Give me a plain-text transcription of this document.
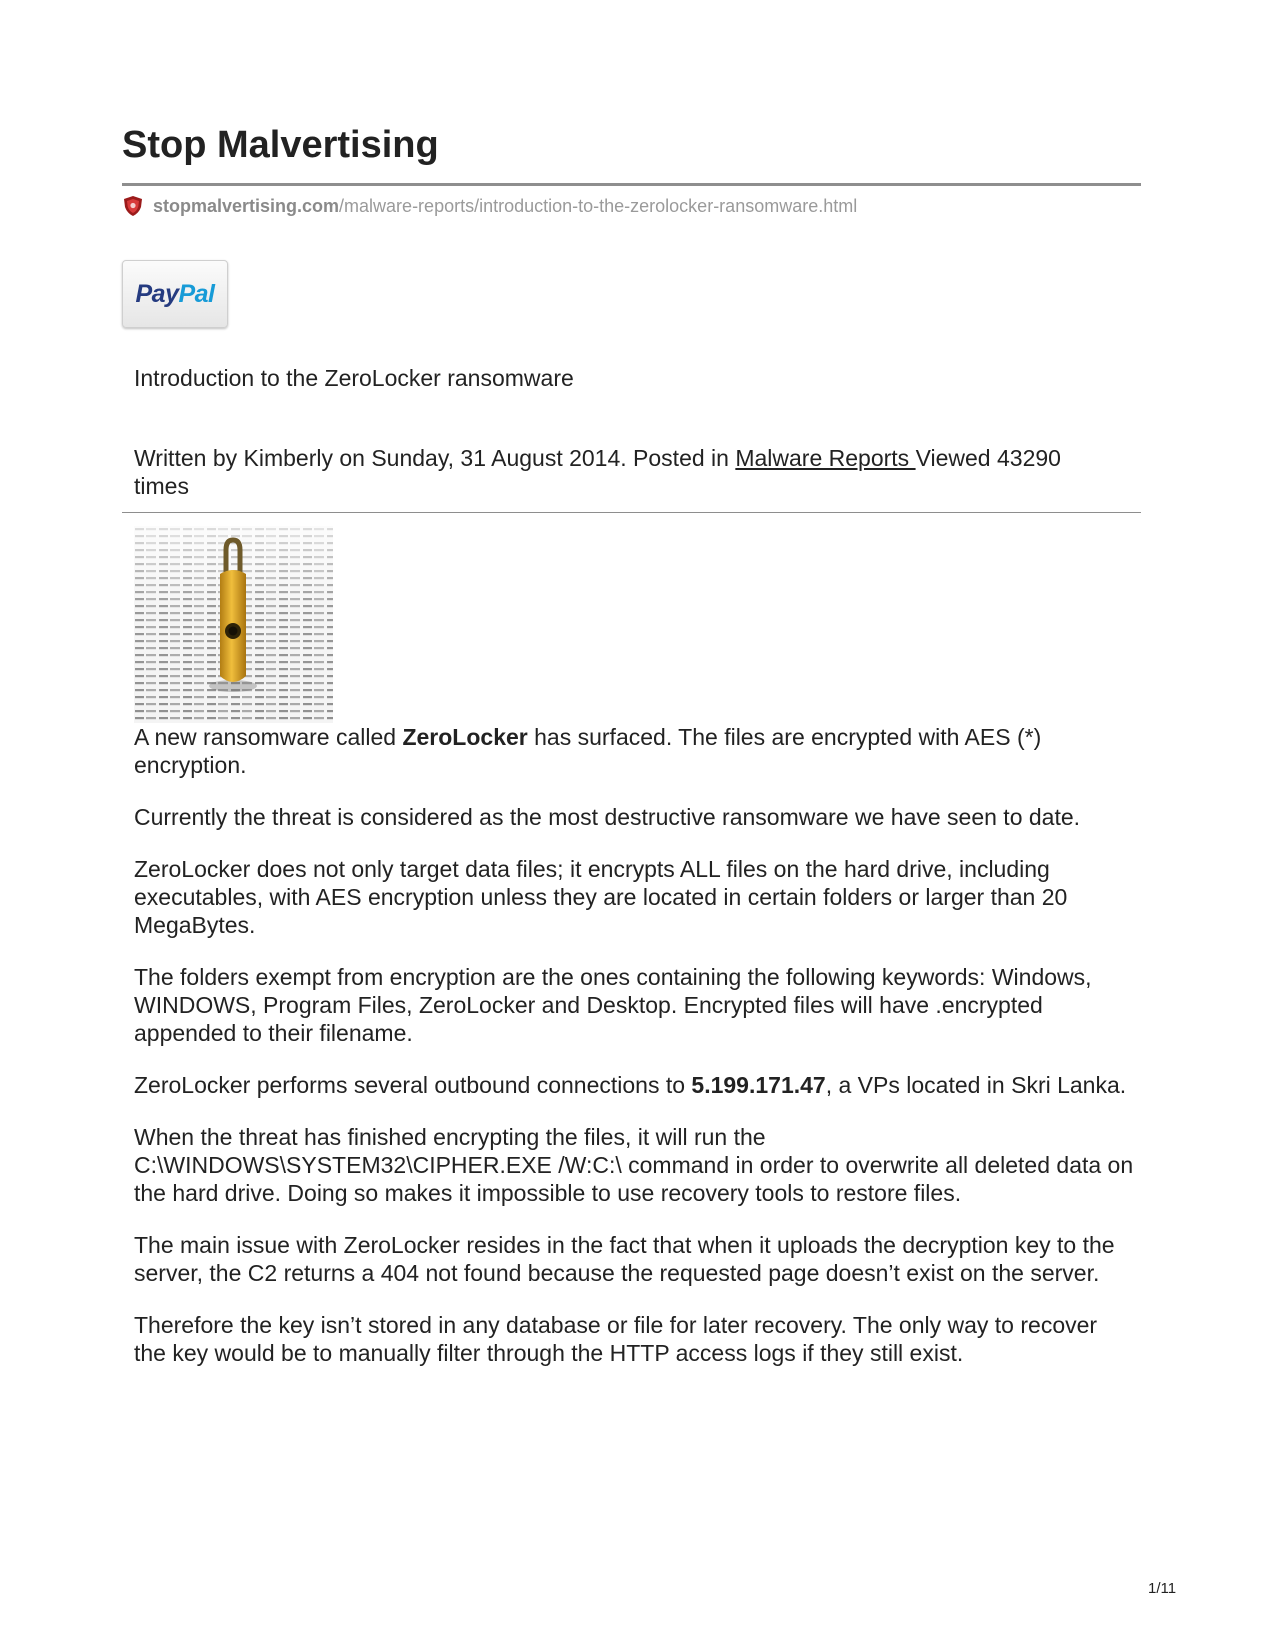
Stop Malvertising
stopmalvertising.com /malware-reports/introduction-to-the-zerolocker-ransomware.html
Pay Pal
Introduction to the ZeroLocker ransomware
Written by Kimberly on Sunday, 31 August 2014. Posted in Malware Reports Viewed 43290 times

A new ransomware called ZeroLocker has surfaced. The files are encrypted with AES (*) encryption.

Currently the threat is considered as the most destructive ransomware we have seen to date.

ZeroLocker does not only target data files; it encrypts ALL files on the hard drive, including executables, with AES encryption unless they are located in certain folders or larger than 20 MegaBytes.

The folders exempt from encryption are the ones containing the following keywords: Windows, WINDOWS, Program Files, ZeroLocker and Desktop. Encrypted files will have .encrypted appended to their filename.

ZeroLocker performs several outbound connections to 5.199.171.47, a VPs located in Skri Lanka.

When the threat has finished encrypting the files, it will run the C:\WINDOWS\SYSTEM32\CIPHER.EXE /W:C:\ command in order to overwrite all deleted data on the hard drive. Doing so makes it impossible to use recovery tools to restore files.

The main issue with ZeroLocker resides in the fact that when it uploads the decryption key to the server, the C2 returns a 404 not found because the requested page doesn’t exist on the server.

Therefore the key isn’t stored in any database or file for later recovery. The only way to recover the key would be to manually filter through the HTTP access logs if they still exist.

1/11
